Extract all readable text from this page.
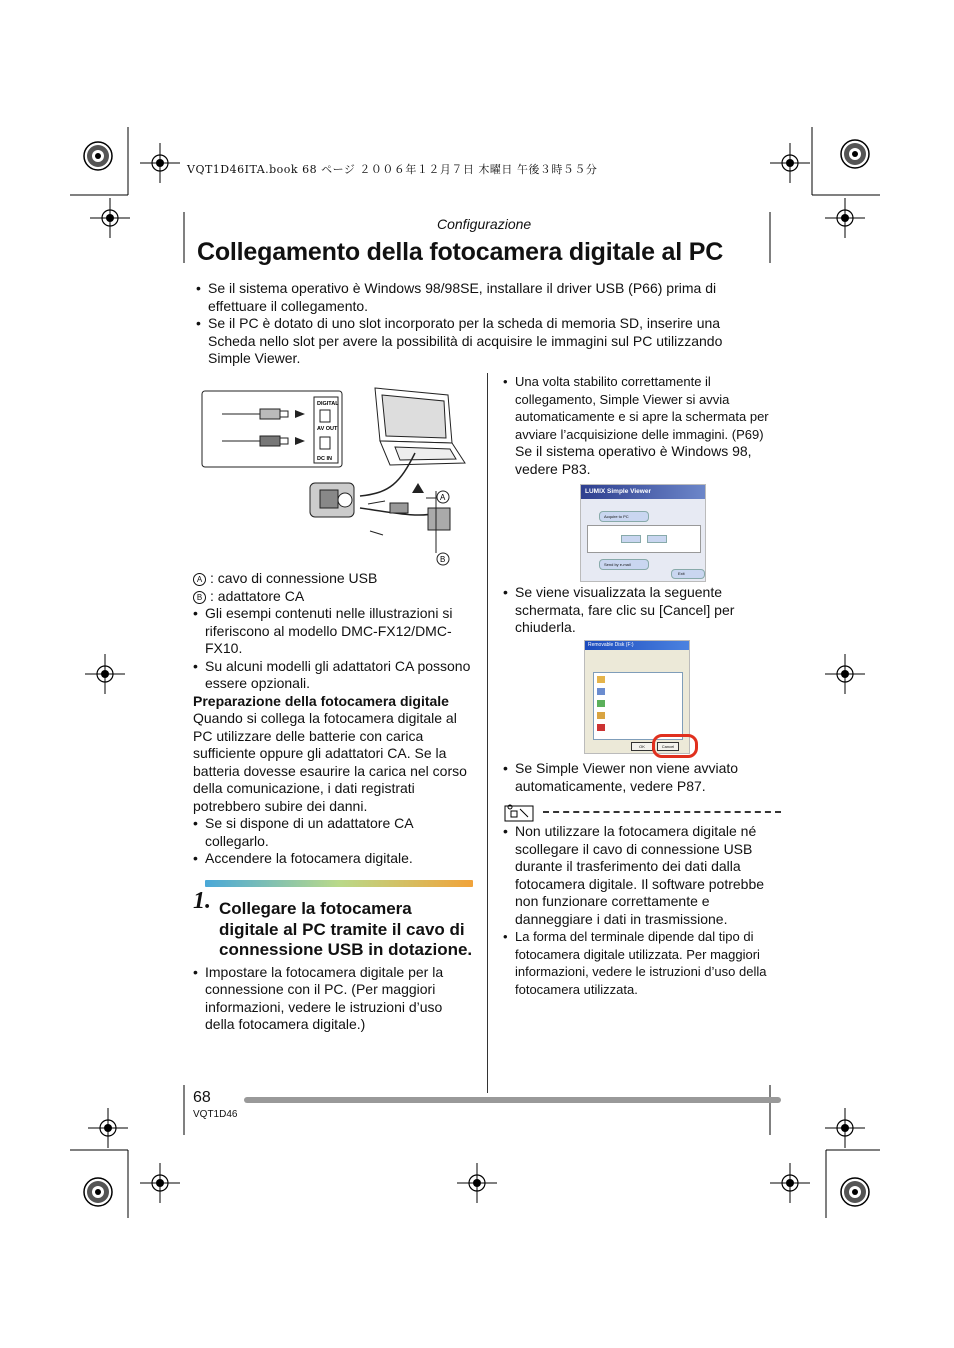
VQT1D46ITA.book 68 ページ ２００６年１２月７日 木曜日 午後３時５５分
Configurazione
Collegamento della fotocamera digitale al PC

• Se il sistema operativo è Windows 98/98SE, installare il driver USB (P66) prima di effettuare il collegamento.

• Se il PC è dotato di uno slot incorporato per la scheda di memoria SD, inserire una Scheda nello slot per avere la possibilità di acquisire le immagini sul PC utilizzando Simple Viewer.

DIGITAL
AV OUT
DC IN
A
B
A : cavo di connessione USB
B : adattatore CA

• Gli esempi contenuti nelle illustrazioni si riferiscono al modello DMC-FX12/DMC-FX10.

• Su alcuni modelli gli adattatori CA possono essere opzionali.

Preparazione della fotocamera digitale
Quando si collega la fotocamera digitale al PC utilizzare delle batterie con carica sufficiente oppure gli adattatori CA. Se la batteria dovesse esaurire la carica nel corso della comunicazione, i dati registrati potrebbero subire dei danni.

• Se si dispone di un adattatore CA collegarlo.

• Accendere la fotocamera digitale.

1. Collegare la fotocamera digitale al PC tramite il cavo di connessione USB in dotazione.

• Impostare la fotocamera digitale per la connessione con il PC. (Per maggiori informazioni, vedere le istruzioni d’uso della fotocamera digitale.)

• Una volta stabilito correttamente il collegamento, Simple Viewer si avvia automaticamente e si apre la schermata per avviare l’acquisizione delle immagini. (P69)

Se il sistema operativo è Windows 98, vedere P83.

LUMIX Simple Viewer
Acquire to PC
Send by e-mail
Exit

• Se viene visualizzata la seguente schermata, fare clic su [Cancel] per chiuderla.

Removable Disk (F:)
OK	Cancel

• Se Simple Viewer non viene avviato automaticamente, vedere P87.

• Non utilizzare la fotocamera digitale né scollegare il cavo di connessione USB durante il trasferimento dei dati dalla fotocamera digitale. Il software potrebbe non funzionare correttamente e danneggiare i dati in trasmissione.

• La forma del terminale dipende dal tipo di fotocamera digitale utilizzata. Per maggiori informazioni, vedere le istruzioni d’uso della fotocamera utilizzata.

68
VQT1D46
